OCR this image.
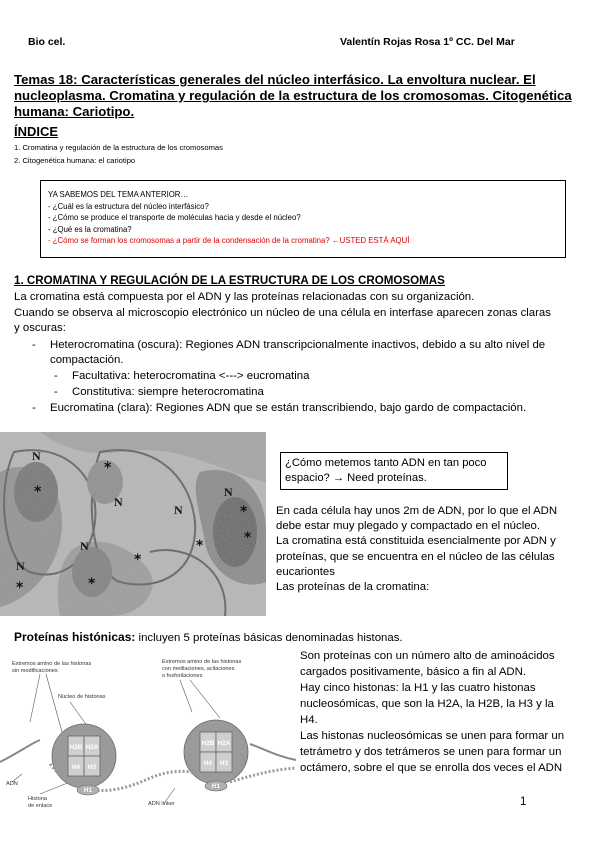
Bio cel.	Valentín Rojas Rosa 1º CC. Del Mar
Temas 18: Características generales del núcleo interfásico. La envoltura nuclear. El
nucleoplasma. Cromatina y regulación de la estructura de los cromosomas. Citogenética
humana: Cariotipo.
ÍNDICE
1. Cromatina y regulación de la estructura de los cromosomas
2. Citogenética humana: el cariotipo
YA SABEMOS DEL TEMA ANTERIOR…
- ¿Cuál es la estructura del núcleo interfásico?
- ¿Cómo se produce el transporte de moléculas hacia y desde el núcleo?
- ¿Qué es la cromatina?
- ¿Cómo se forman los cromosomas a partir de la condensación de la cromatina? ←USTED ESTÁ AQUÍ
1. CROMATINA Y REGULACIÓN DE LA ESTRUCTURA DE LOS CROMOSOMAS
La cromatina está compuesta por el ADN y las proteínas relacionadas con su organización.
Cuando se observa al microscopio electrónico un núcleo de una célula en interfase aparecen zonas claras
y oscuras:
- Heterocromatina (oscura): Regiones ADN transcripcionalmente inactivos, debido a su alto nivel de
compactación.
- Facultativa: heterocromatina <---> eucromatina
- Constitutiva: siempre heterocromatina
- Eucromatina (clara): Regiones ADN que se están transcribiendo, bajo gardo de compactación.
N
N
N
N
N
N
*
*
*
*
*
*
*
*
¿Cómo metemos tanto ADN en tan poco
espacio? → Need proteínas.
En cada célula hay unos 2m de ADN, por lo que el ADN
debe estar muy plegado y compactado en el núcleo.
La cromatina está constituida esencialmente por ADN y
proteínas, que se encuentra en el núcleo de las células
eucariontes
Las proteínas de la cromatina:
Proteínas histónicas: incluyen 5 proteínas básicas denominadas histonas.
Son proteínas con un número alto de aminoácidos
cargados positivamente, básico a fin al ADN.
Hay cinco histonas: la H1 y las cuatro histonas
nucleosómicas, que son la H2A, la H2B, la H3 y la
H4.
Las histonas nucleosómicas se unen para formar un
tetrámetro y dos tetrámeros se unen para formar un
octámero, sobre el que se enrolla dos veces el ADN
Extremos amino de las histonas
sin modificaciones
Extremos amino de las histonas
con metilaciones, acilaciones
o fosforilaciones
Núcleo de histonas
ADN
Histona
de enlace	ADN linker
H2B H2A
H4 H3
H1
H2B H2A
H4 H3
H1
1
